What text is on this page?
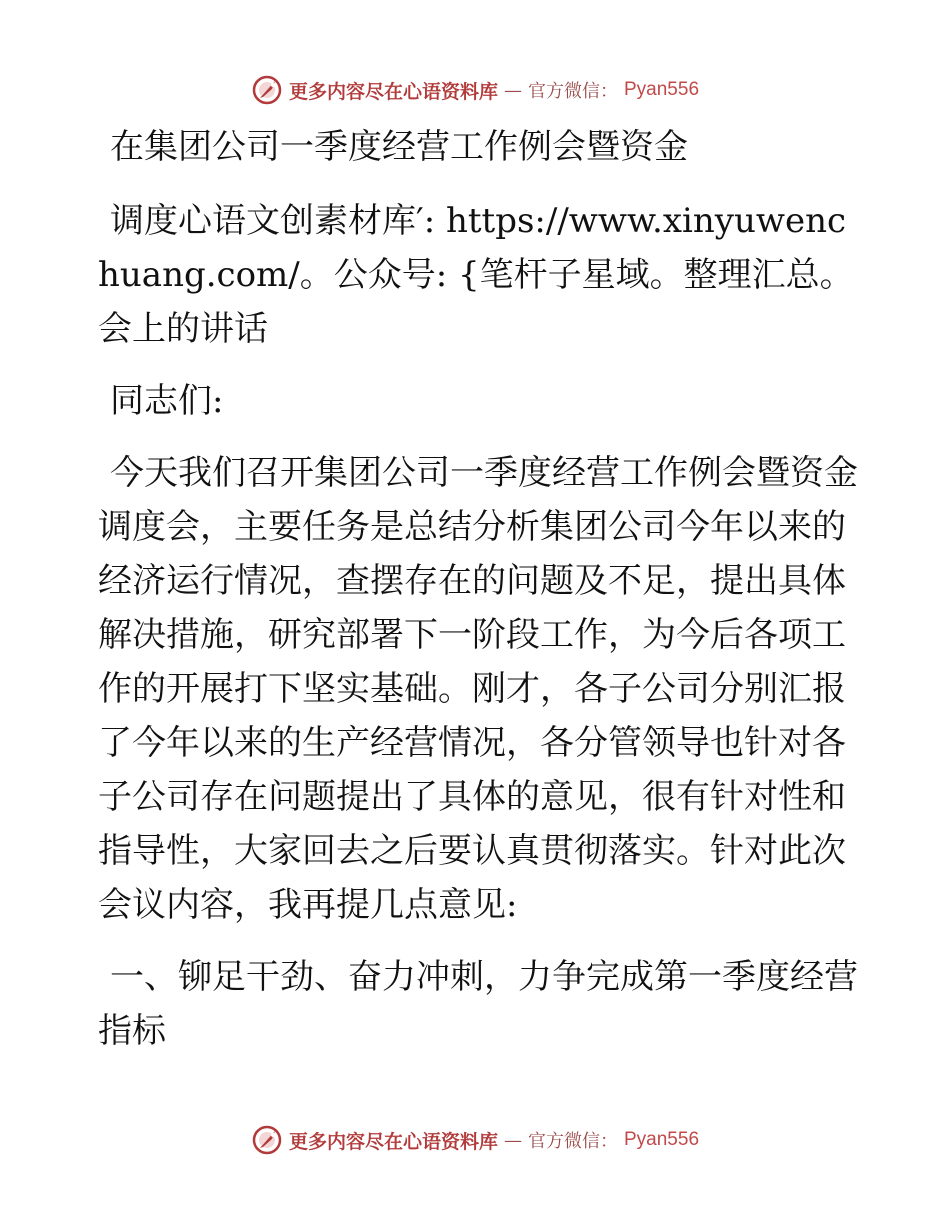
更多内容尽在心语资料库 — 官方微信： Pyan556

在集团公司一季度经营工作例会暨资金

调度心语文创素材库′: https://www.xinyuwenchuang.com/。公众号: {笔杆子星域。整理汇总。会上的讲话

同志们:

今天我们召开集团公司一季度经营工作例会暨资金调度会，主要任务是总结分析集团公司今年以来的经济运行情况，查摆存在的问题及不足，提出具体解决措施，研究部署下一阶段工作，为今后各项工作的开展打下坚实基础。刚才，各子公司分别汇报了今年以来的生产经营情况，各分管领导也针对各子公司存在问题提出了具体的意见，很有针对性和指导性，大家回去之后要认真贯彻落实。针对此次会议内容，我再提几点意见:

一、铆足干劲、奋力冲刺，力争完成第一季度经营指标

更多内容尽在心语资料库 — 官方微信： Pyan556
